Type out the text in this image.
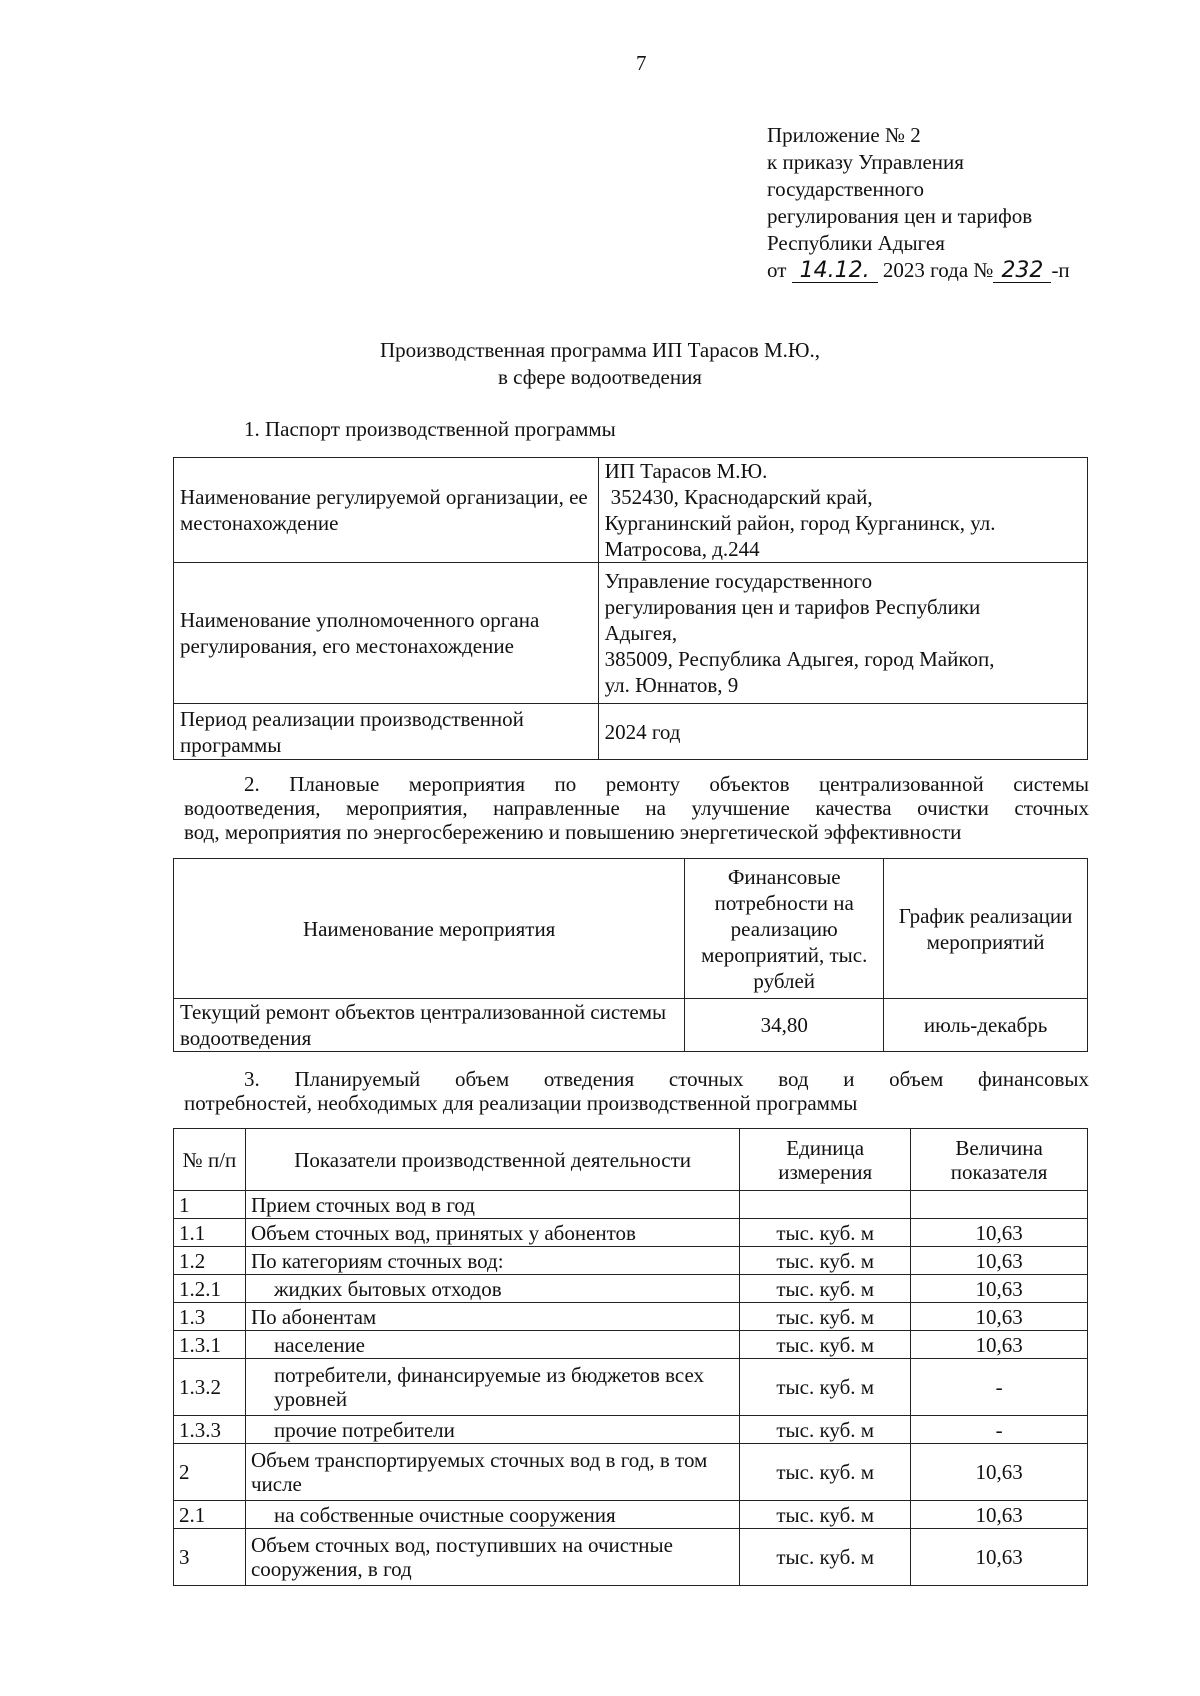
7
Приложение № 2
к приказу Управления
государственного
регулирования цен и тарифов
Республики Адыгея
от 14.12. 2023 года № 232 -п
Производственная программа ИП Тарасов М.Ю.,
в сфере водоотведения
1. Паспорт производственной программы
Наименование регулируемой организации, ее местонахождение	ИП Тарасов М.Ю.
352430, Краснодарский край,
Курганинский район, город Курганинск, ул.
Матросова, д.244

Наименование уполномоченного органа регулирования, его местонахождение	Управление государственного
регулирования цен и тарифов Республики
Адыгея,
385009, Республика Адыгея, город Майкоп,
ул. Юннатов, 9

Период реализации производственной программы	2024 год
2. Плановые мероприятия по ремонту объектов централизованной системы
водоотведения, мероприятия, направленные на улучшение качества очистки сточных
вод, мероприятия по энергосбережению и повышению энергетической эффективности
Наименование мероприятия	Финансовые потребности на реализацию мероприятий, тыс. рублей	График реализации мероприятий
Текущий ремонт объектов централизованной системы водоотведения	34,80	июль-декабрь
3. Планируемый объем отведения сточных вод и объем финансовых
потребностей, необходимых для реализации производственной программы
№ п/п	Показатели производственной деятельности	Единица измерения	Величина показателя
1	Прием сточных вод в год		
1.1	Объем сточных вод, принятых у абонентов	тыс. куб. м	10,63
1.2	По категориям сточных вод:	тыс. куб. м	10,63
1.2.1	жидких бытовых отходов	тыс. куб. м	10,63
1.3	По абонентам	тыс. куб. м	10,63
1.3.1	население	тыс. куб. м	10,63
1.3.2	потребители, финансируемые из бюджетов всех уровней	тыс. куб. м	-
1.3.3	прочие потребители	тыс. куб. м	-
2	Объем транспортируемых сточных вод в год, в том числе	тыс. куб. м	10,63
2.1	на собственные очистные сооружения	тыс. куб. м	10,63
3	Объем сточных вод, поступивших на очистные сооружения, в год	тыс. куб. м	10,63
